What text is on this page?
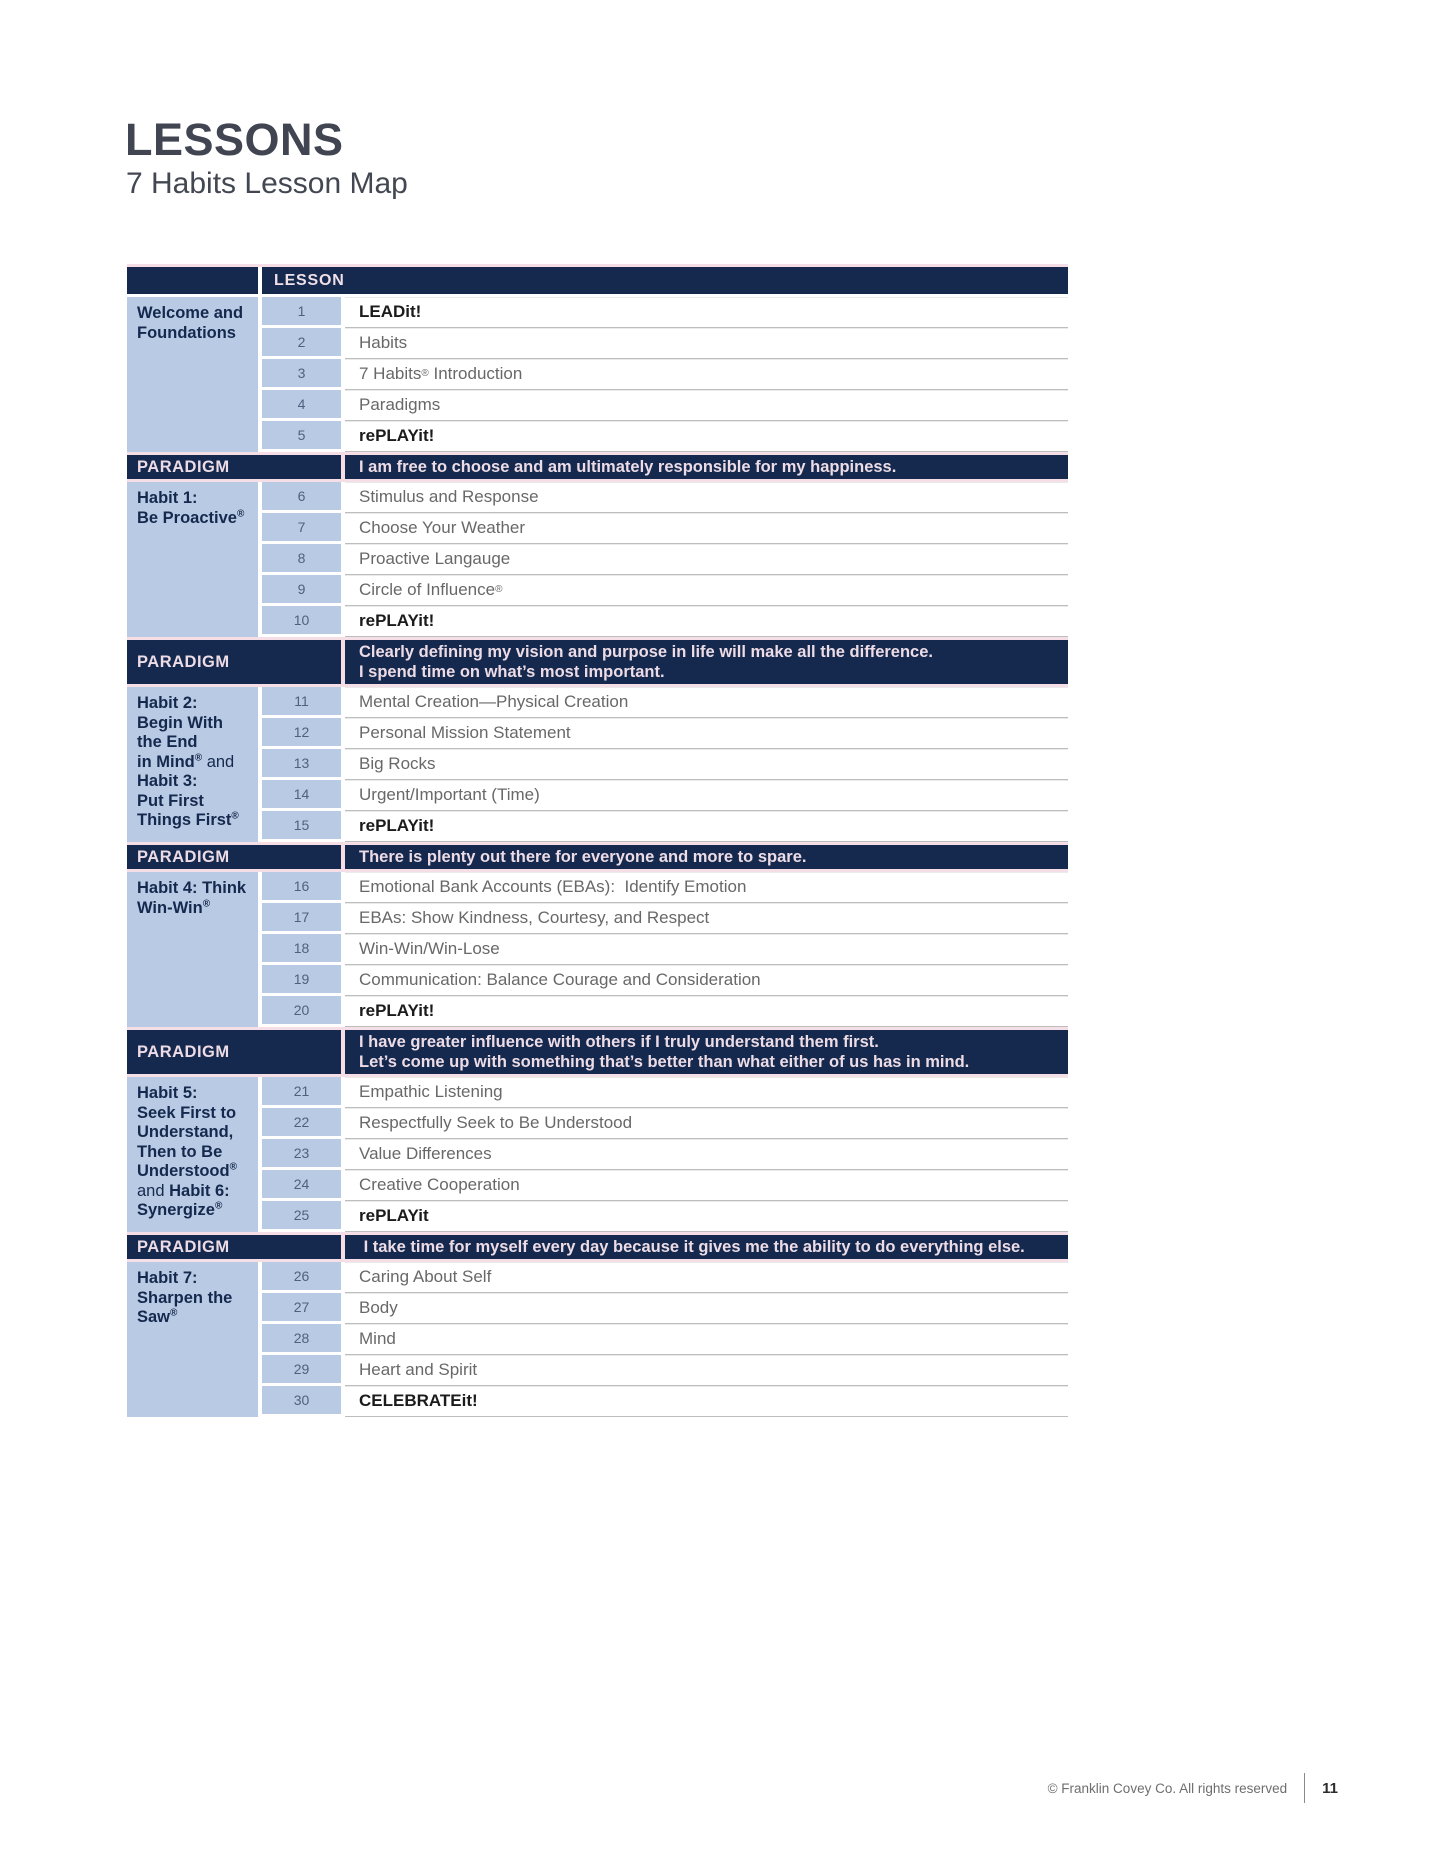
LESSONS
7 Habits Lesson Map
LESSON
Welcome and
Foundations
1	LEADit!
2	Habits
3	7 Habits ® Introduction
4	Paradigms
5	rePLAYit!
PARADIGM	I am free to choose and am ultimately responsible for my happiness.
Habit 1:
Be Proactive®
6	Stimulus and Response
7	Choose Your Weather
8	Proactive Langauge
9	Circle of Influence ®
10	rePLAYit!
PARADIGM
Clearly defining my vision and purpose in life will make all the difference.
I spend time on what’s most important.
Habit 2:
Begin With
the End
in Mind® and
Habit 3:
Put First
Things First®
11	Mental Creation—Physical Creation
12	Personal Mission Statement
13	Big Rocks
14	Urgent/Important (Time)
15	rePLAYit!
PARADIGM	There is plenty out there for everyone and more to spare.
Habit 4: Think
Win-Win®
16	Emotional Bank Accounts (EBAs):  Identify Emotion
17	EBAs: Show Kindness, Courtesy, and Respect
18	Win-Win/Win-Lose
19	Communication: Balance Courage and Consideration
20	rePLAYit!
PARADIGM
I have greater influence with others if I truly understand them first.
Let’s come up with something that’s better than what either of us has in mind.
Habit 5:
Seek First to
Understand,
Then to Be
Understood®
and Habit 6:
Synergize®
21	Empathic Listening
22	Respectfully Seek to Be Understood
23	Value Differences
24	Creative Cooperation
25	rePLAYit
PARADIGM	I take time for myself every day because it gives me the ability to do everything else.
Habit 7:
Sharpen the
Saw®
26	Caring About Self
27	Body
28	Mind
29	Heart and Spirit
30	CELEBRATEit!
© Franklin Covey Co. All rights reserved 11
